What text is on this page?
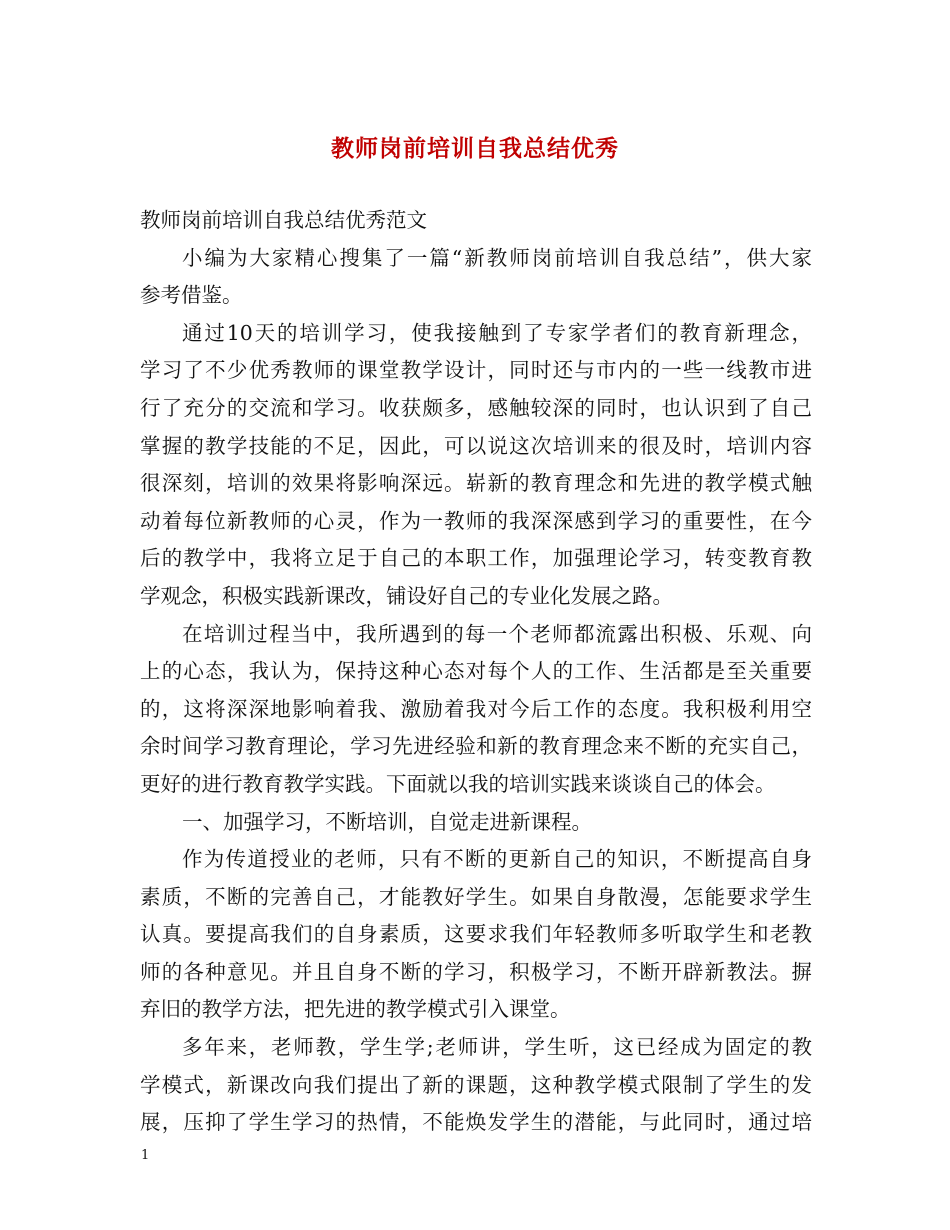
教师岗前培训自我总结优秀
教师岗前培训自我总结优秀范文
小编为大家精心搜集了一篇“新教师岗前培训自我总结”，供大家
参考借鉴。
通过10天的培训学习，使我接触到了专家学者们的教育新理念，
学习了不少优秀教师的课堂教学设计，同时还与市内的一些一线教市进
行了充分的交流和学习。收获颇多，感触较深的同时，也认识到了自己
掌握的教学技能的不足，因此，可以说这次培训来的很及时，培训内容
很深刻，培训的效果将影响深远。崭新的教育理念和先进的教学模式触
动着每位新教师的心灵，作为一教师的我深深感到学习的重要性，在今
后的教学中，我将立足于自己的本职工作，加强理论学习，转变教育教
学观念，积极实践新课改，铺设好自己的专业化发展之路。
在培训过程当中，我所遇到的每一个老师都流露出积极、乐观、向
上的心态，我认为，保持这种心态对每个人的工作、生活都是至关重要
的，这将深深地影响着我、激励着我对今后工作的态度。我积极利用空
余时间学习教育理论，学习先进经验和新的教育理念来不断的充实自己，
更好的进行教育教学实践。下面就以我的培训实践来谈谈自己的体会。
一、加强学习，不断培训，自觉走进新课程。
作为传道授业的老师，只有不断的更新自己的知识，不断提高自身
素质，不断的完善自己，才能教好学生。如果自身散漫，怎能要求学生
认真。要提高我们的自身素质，这要求我们年轻教师多听取学生和老教
师的各种意见。并且自身不断的学习，积极学习，不断开辟新教法。摒
弃旧的教学方法，把先进的教学模式引入课堂。
多年来，老师教，学生学;老师讲，学生听，这已经成为固定的教
学模式，新课改向我们提出了新的课题，这种教学模式限制了学生的发
展，压抑了学生学习的热情，不能焕发学生的潜能，与此同时，通过培
1
